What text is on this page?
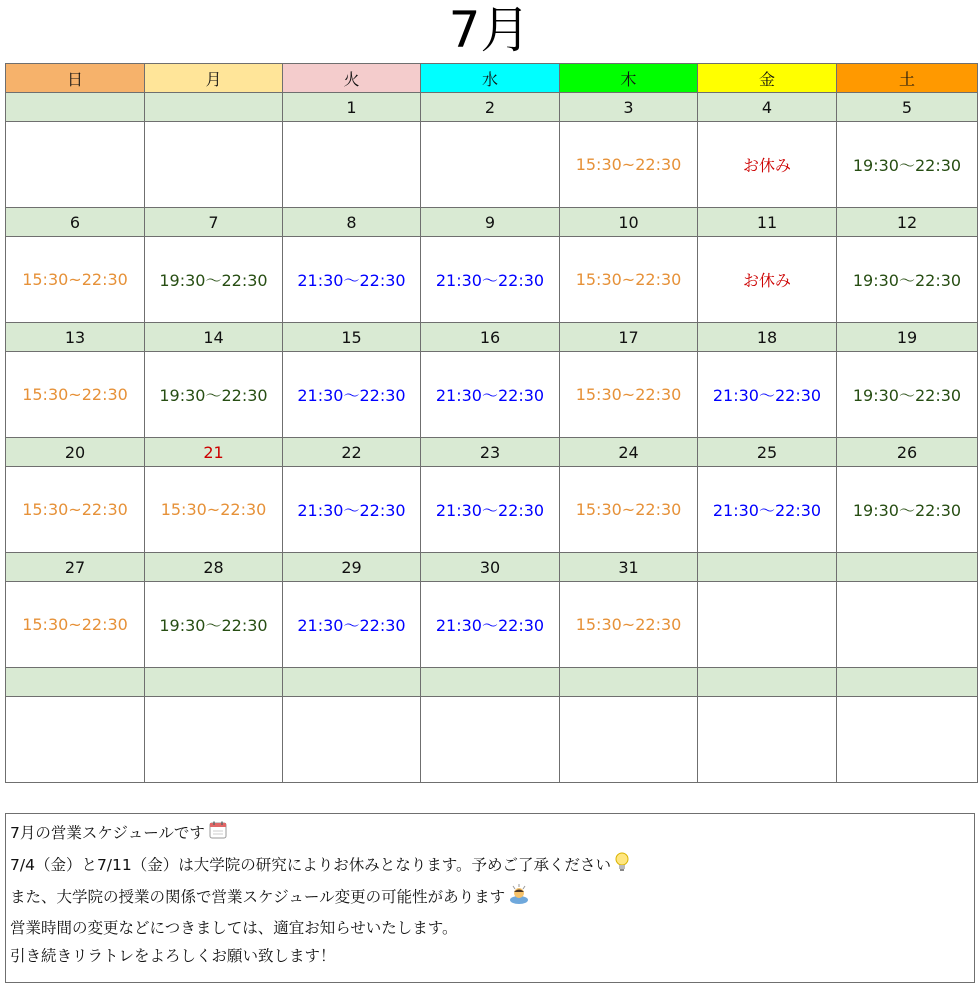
7月
日	月	火	水	木	金	土
		1	2	3	4	5
				15:30~22:30	お休み	19:30〜22:30
6	7	8	9	10	11	12
15:30~22:30	19:30〜22:30	21:30〜22:30	21:30〜22:30	15:30~22:30	お休み	19:30〜22:30
13	14	15	16	17	18	19
15:30~22:30	19:30〜22:30	21:30〜22:30	21:30〜22:30	15:30~22:30	21:30〜22:30	19:30〜22:30
20	21	22	23	24	25	26
15:30~22:30	15:30~22:30	21:30〜22:30	21:30〜22:30	15:30~22:30	21:30〜22:30	19:30〜22:30
27	28	29	30	31		
15:30~22:30	19:30〜22:30	21:30〜22:30	21:30〜22:30	15:30~22:30		

7月の営業スケジュールです
7/4（金）と7/11（金）は大学院の研究によりお休みとなります。予めご了承ください
また、大学院の授業の関係で営業スケジュール変更の可能性があります
営業時間の変更などにつきましては、適宜お知らせいたします。
引き続きリラトレをよろしくお願い致します！
